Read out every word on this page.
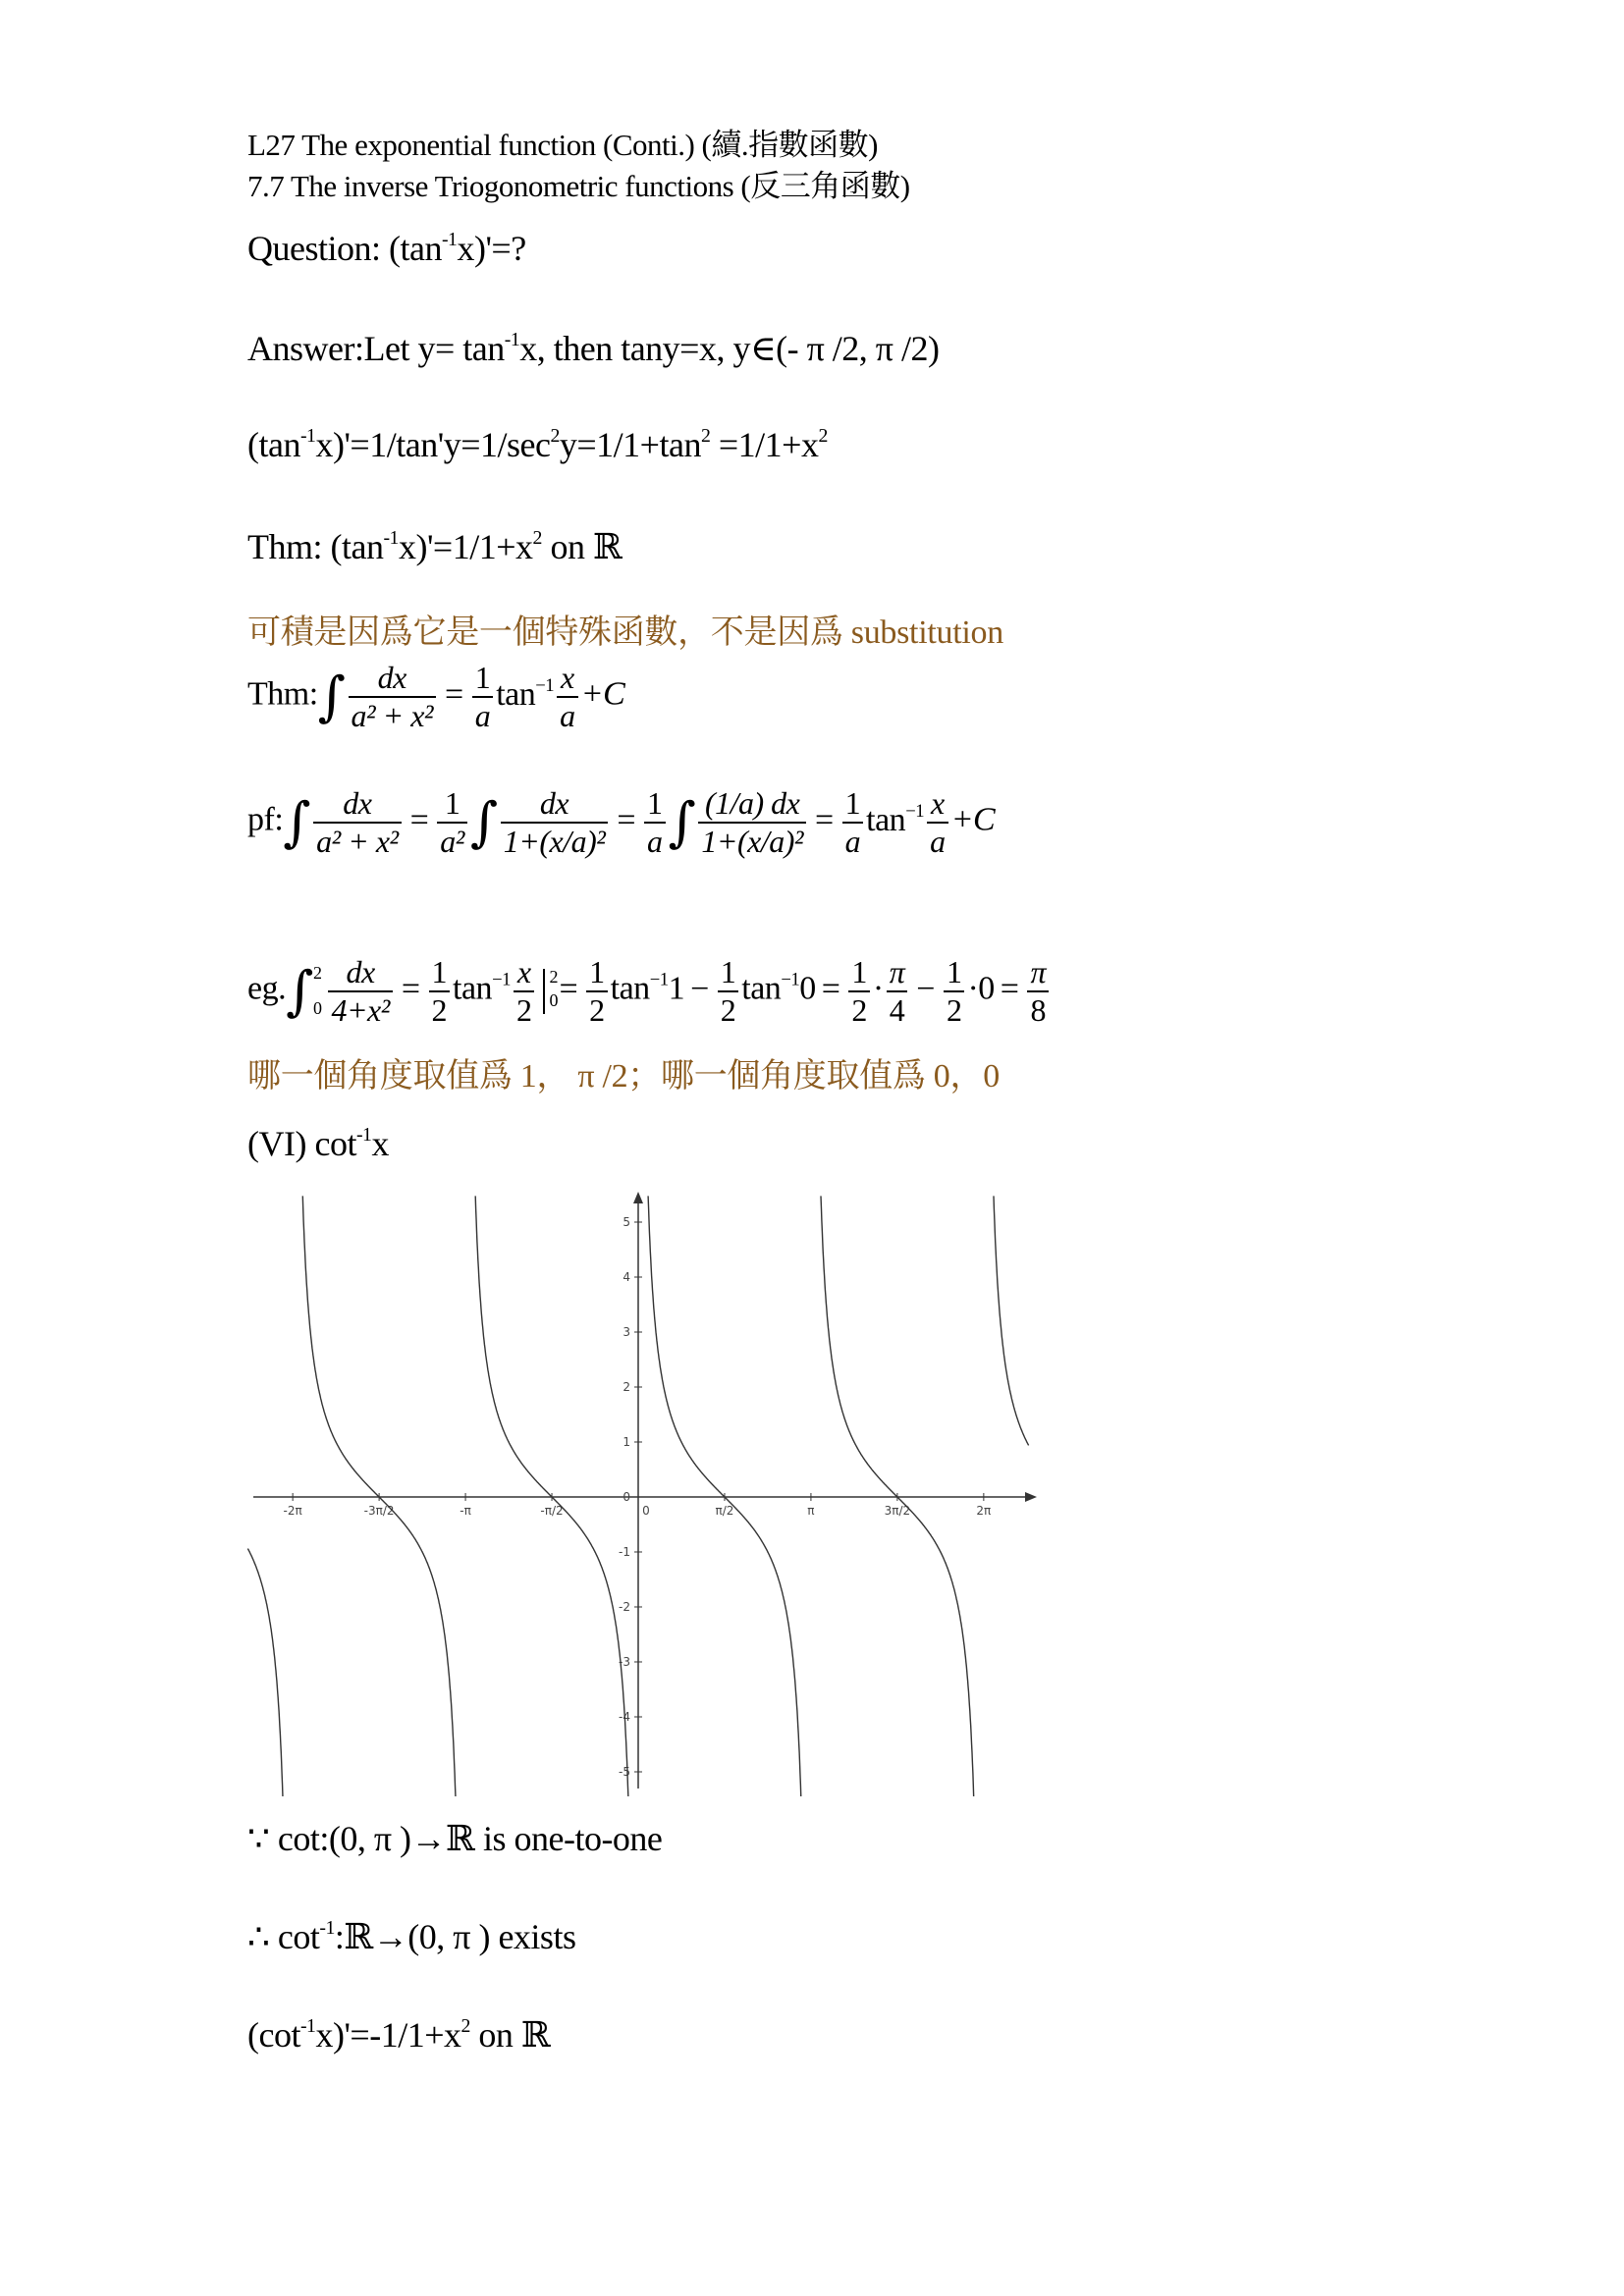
L27 The exponential function (Conti.) (續.指數函數)
7.7 The inverse Triogonometric functions (反三角函數)
Question: $(\tan^{-1}x)'=$?
Answer:Let $y= \tan^{-1}x$, then tany=x, y∈(- π /2, π /2)
$(\tan^{-1}x)'=1/\tan'y=1/\sec^2y=1/1+\tan^2 =1/1+x^2$
Thm: $(\tan^{-1}x)'=1/1+x^2$ on ℝ
可積是因爲它是一個特殊函數，不是因爲 substitution
Thm:∫ $\frac{dx}{\text{a² + x²}} = \frac{1}{a} \tan^{-1} \frac{x}{a} +C$
pf:∫ $\frac{dx}{\text{a² + x²}} = \frac{1}{\text{a²}}$ ∫ $\frac{dx}{\text{1+(x/a)²}} = \frac{1}{a}$ ∫ $\frac{(1/a) dx}{\text{1+(x/a)²}} = \frac{1}{a} \tan^{-1} \frac{x}{a} +C$
eg.∫ 2
$0 \frac{dx}{\text{4+x²}} = \frac{1}{2} \tan^{-1} \frac{x}{2} 2$
$0 = \frac{1}{2} \tan^{-1}1 - \frac{1}{2} \tan^{-1}0 = \frac{1}{2} \cdot \frac{\pi}{4} - \frac{1}{2} \cdot 0 = \frac{\pi}{8}$
哪一個角度取值爲 1， π /2；哪一個角度取值爲 0，0
(VI) $\cot^{-1}x$
-2π	-3π/2	-π	-π/2	0	π/2	π	3π/2	2π
5
4
3
2
1
0
-1
-2
-3
-4
-5
∵ cot:(0, π )→ℝ is one-to-one
∴ $\cot^{-1}:ℝ\to(0$, π ) exists
$(\cot^{-1}x)'=-1/1+x^2$ on ℝ
